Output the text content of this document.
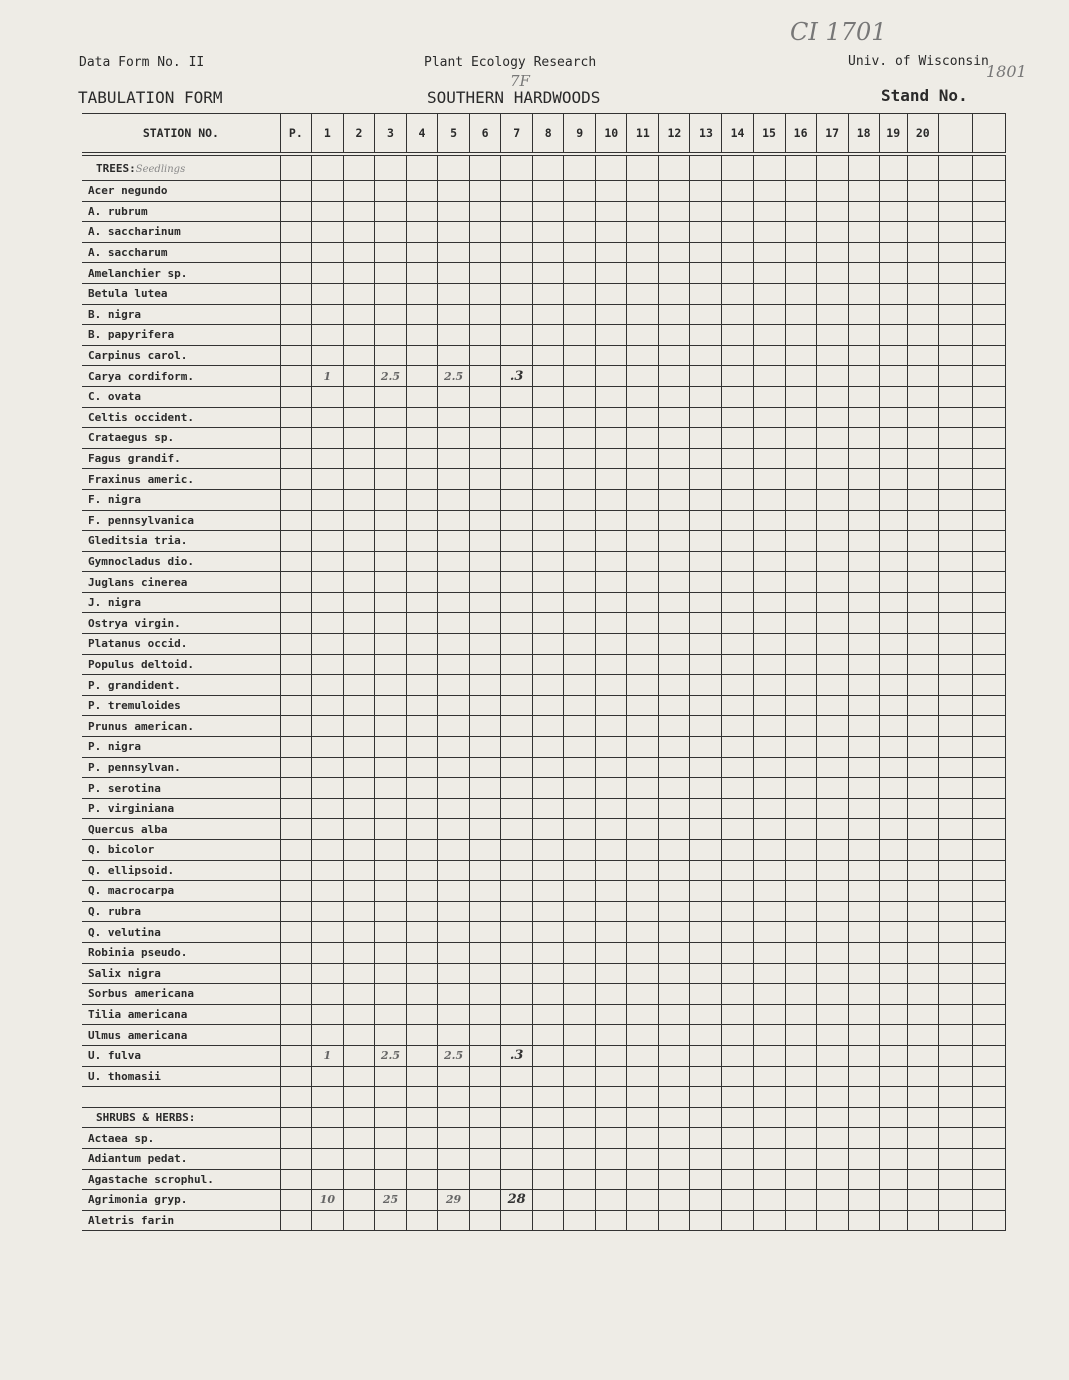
Data Form No. II
TABULATION FORM
Plant Ecology Research
SOUTHERN HARDWOODS
Univ. of Wisconsin
Stand No.
CI 1701
1801
7F
STATION NO.	P.	1	2	3	4	5	6	7	8	9	10	11	12	13	14	15	16	17	18	19	20		
TREES:Seedlings																							
Acer negundo																							
A. rubrum																							
A. saccharinum																							
A. saccharum																							
Amelanchier sp.																							
Betula lutea																							
B. nigra																							
B. papyrifera																							
Carpinus carol.																							
Carya cordiform.		1		2.5		2.5		.3															
C. ovata																							
Celtis occident.																							
Crataegus sp.																							
Fagus grandif.																							
Fraxinus americ.																							
F. nigra																							
F. pennsylvanica																							
Gleditsia tria.																							
Gymnocladus dio.																							
Juglans cinerea																							
J. nigra																							
Ostrya virgin.																							
Platanus occid.																							
Populus deltoid.																							
P. grandident.																							
P. tremuloides																							
Prunus american.																							
P. nigra																							
P. pennsylvan.																							
P. serotina																							
P. virginiana																							
Quercus alba																							
Q. bicolor																							
Q. ellipsoid.																							
Q. macrocarpa																							
Q. rubra																							
Q. velutina																							
Robinia pseudo.																							
Salix nigra																							
Sorbus americana																							
Tilia americana																							
Ulmus americana																							
U. fulva		1		2.5		2.5		.3															
U. thomasii																							

SHRUBS & HERBS:																							
Actaea sp.																							
Adiantum pedat.																							
Agastache scrophul.																							
Agrimonia gryp.		10		25		29		28															
Aletris farin																							
